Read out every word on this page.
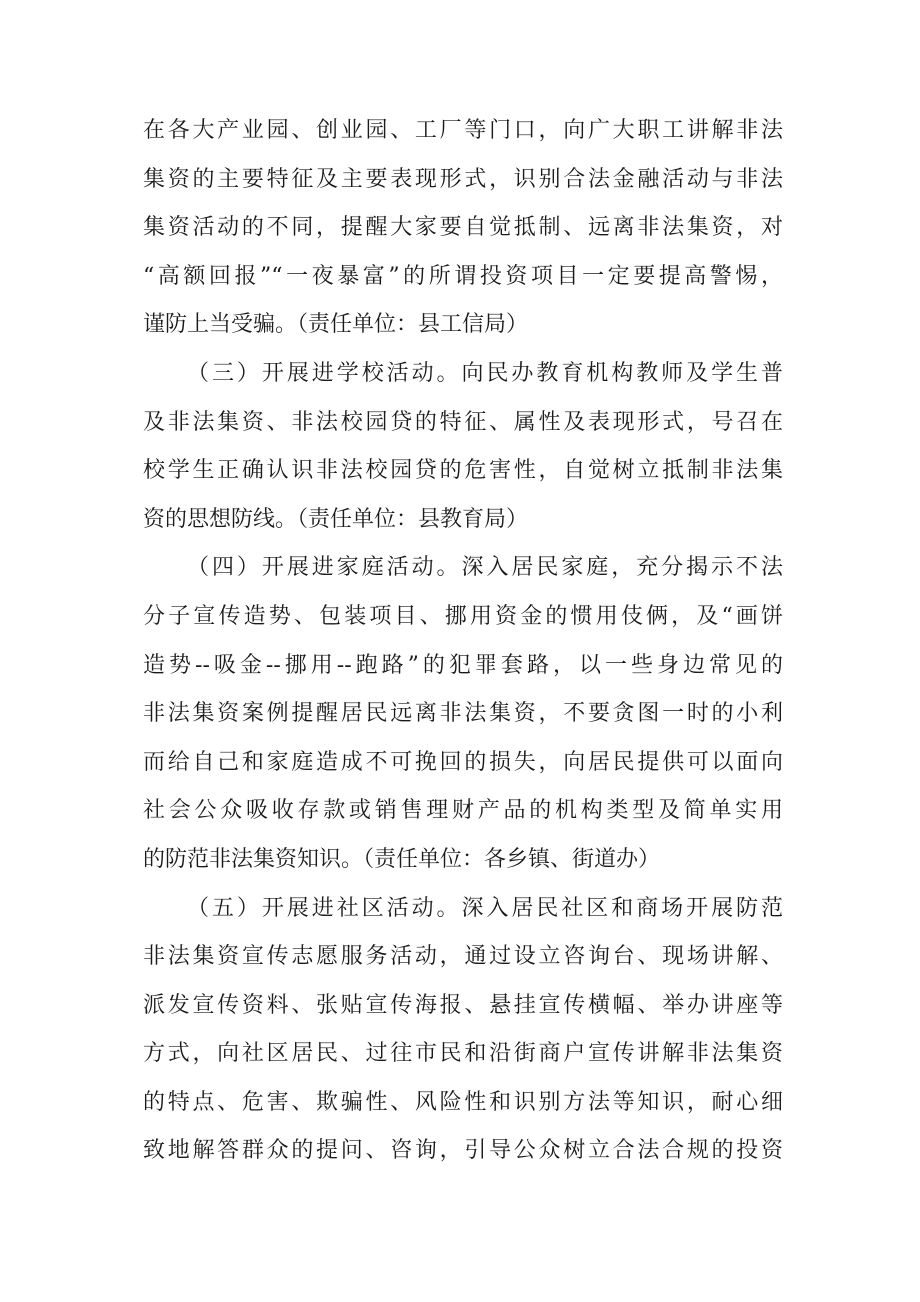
在各大产业园、创业园、工厂等门口，向广大职工讲解非法
集资的主要特征及主要表现形式，识别合法金融活动与非法
集资活动的不同，提醒大家要自觉抵制、远离非法集资，对
“高额回报”“一夜暴富”的所谓投资项目一定要提高警惕，
谨防上当受骗。（责任单位：县工信局）
（三）开展进学校活动。向民办教育机构教师及学生普
及非法集资、非法校园贷的特征、属性及表现形式，号召在
校学生正确认识非法校园贷的危害性，自觉树立抵制非法集
资的思想防线。（责任单位：县教育局）
（四）开展进家庭活动。深入居民家庭，充分揭示不法
分子宣传造势、包装项目、挪用资金的惯用伎俩，及“画饼
造势--吸金--挪用--跑路”的犯罪套路，以一些身边常见的
非法集资案例提醒居民远离非法集资，不要贪图一时的小利
而给自己和家庭造成不可挽回的损失，向居民提供可以面向
社会公众吸收存款或销售理财产品的机构类型及简单实用
的防范非法集资知识。（责任单位：各乡镇、街道办）
（五）开展进社区活动。深入居民社区和商场开展防范
非法集资宣传志愿服务活动，通过设立咨询台、现场讲解、
派发宣传资料、张贴宣传海报、悬挂宣传横幅、举办讲座等
方式，向社区居民、过往市民和沿街商户宣传讲解非法集资
的特点、危害、欺骗性、风险性和识别方法等知识，耐心细
致地解答群众的提问、咨询，引导公众树立合法合规的投资
